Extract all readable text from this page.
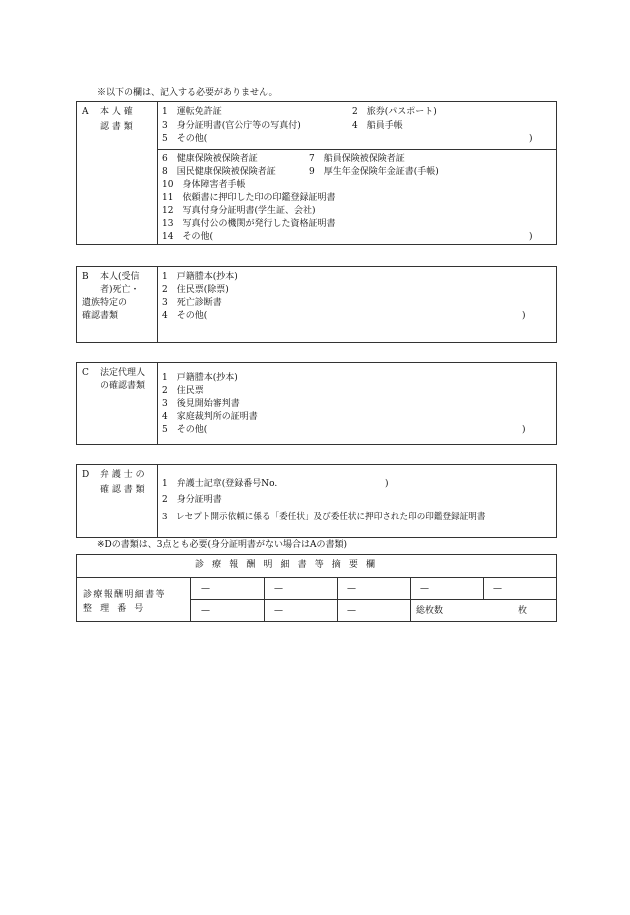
※以下の欄は、記入する必要がありません。
A 本 人 確
認 書 類
1　運転免許証	2　旅券(パスポート)
3　身分証明書(官公庁等の写真付)	4　船員手帳
5　その他(	)
6　健康保険被保険者証	7　船員保険被保険者証
8　国民健康保険被保険者証	9　厚生年金保険年金証書(手帳)
10　身体障害者手帳
11　依頼書に押印した印の印鑑登録証明書
12　写真付身分証明書(学生証、会社)
13　写真付公の機関が発行した資格証明書
14　その他(	)
B 本人(受信
者)死亡・
遺族特定の
確認書類
1　戸籍謄本(抄本)
2　住民票(除票)
3　死亡診断書
4　その他(	)
C 法定代理人
の確認書類
1　戸籍謄本(抄本)
2　住民票
3　後見開始審判書
4　家庭裁判所の証明書
5　その他(	)
D 弁 護 士 の
確 認 書 類
1　弁護士記章(登録番号No.	)
2　身分証明書
3　レセプト開示依頼に係る「委任状」及び委任状に押印された印の印鑑登録証明書
※Dの書類は、3点とも必要(身分証明書がない場合はAの書類)
診療報酬明細書等摘要欄
診療報酬明細書等
整理番号
—	—	—	—	—
—	—	—	総枚数	枚
